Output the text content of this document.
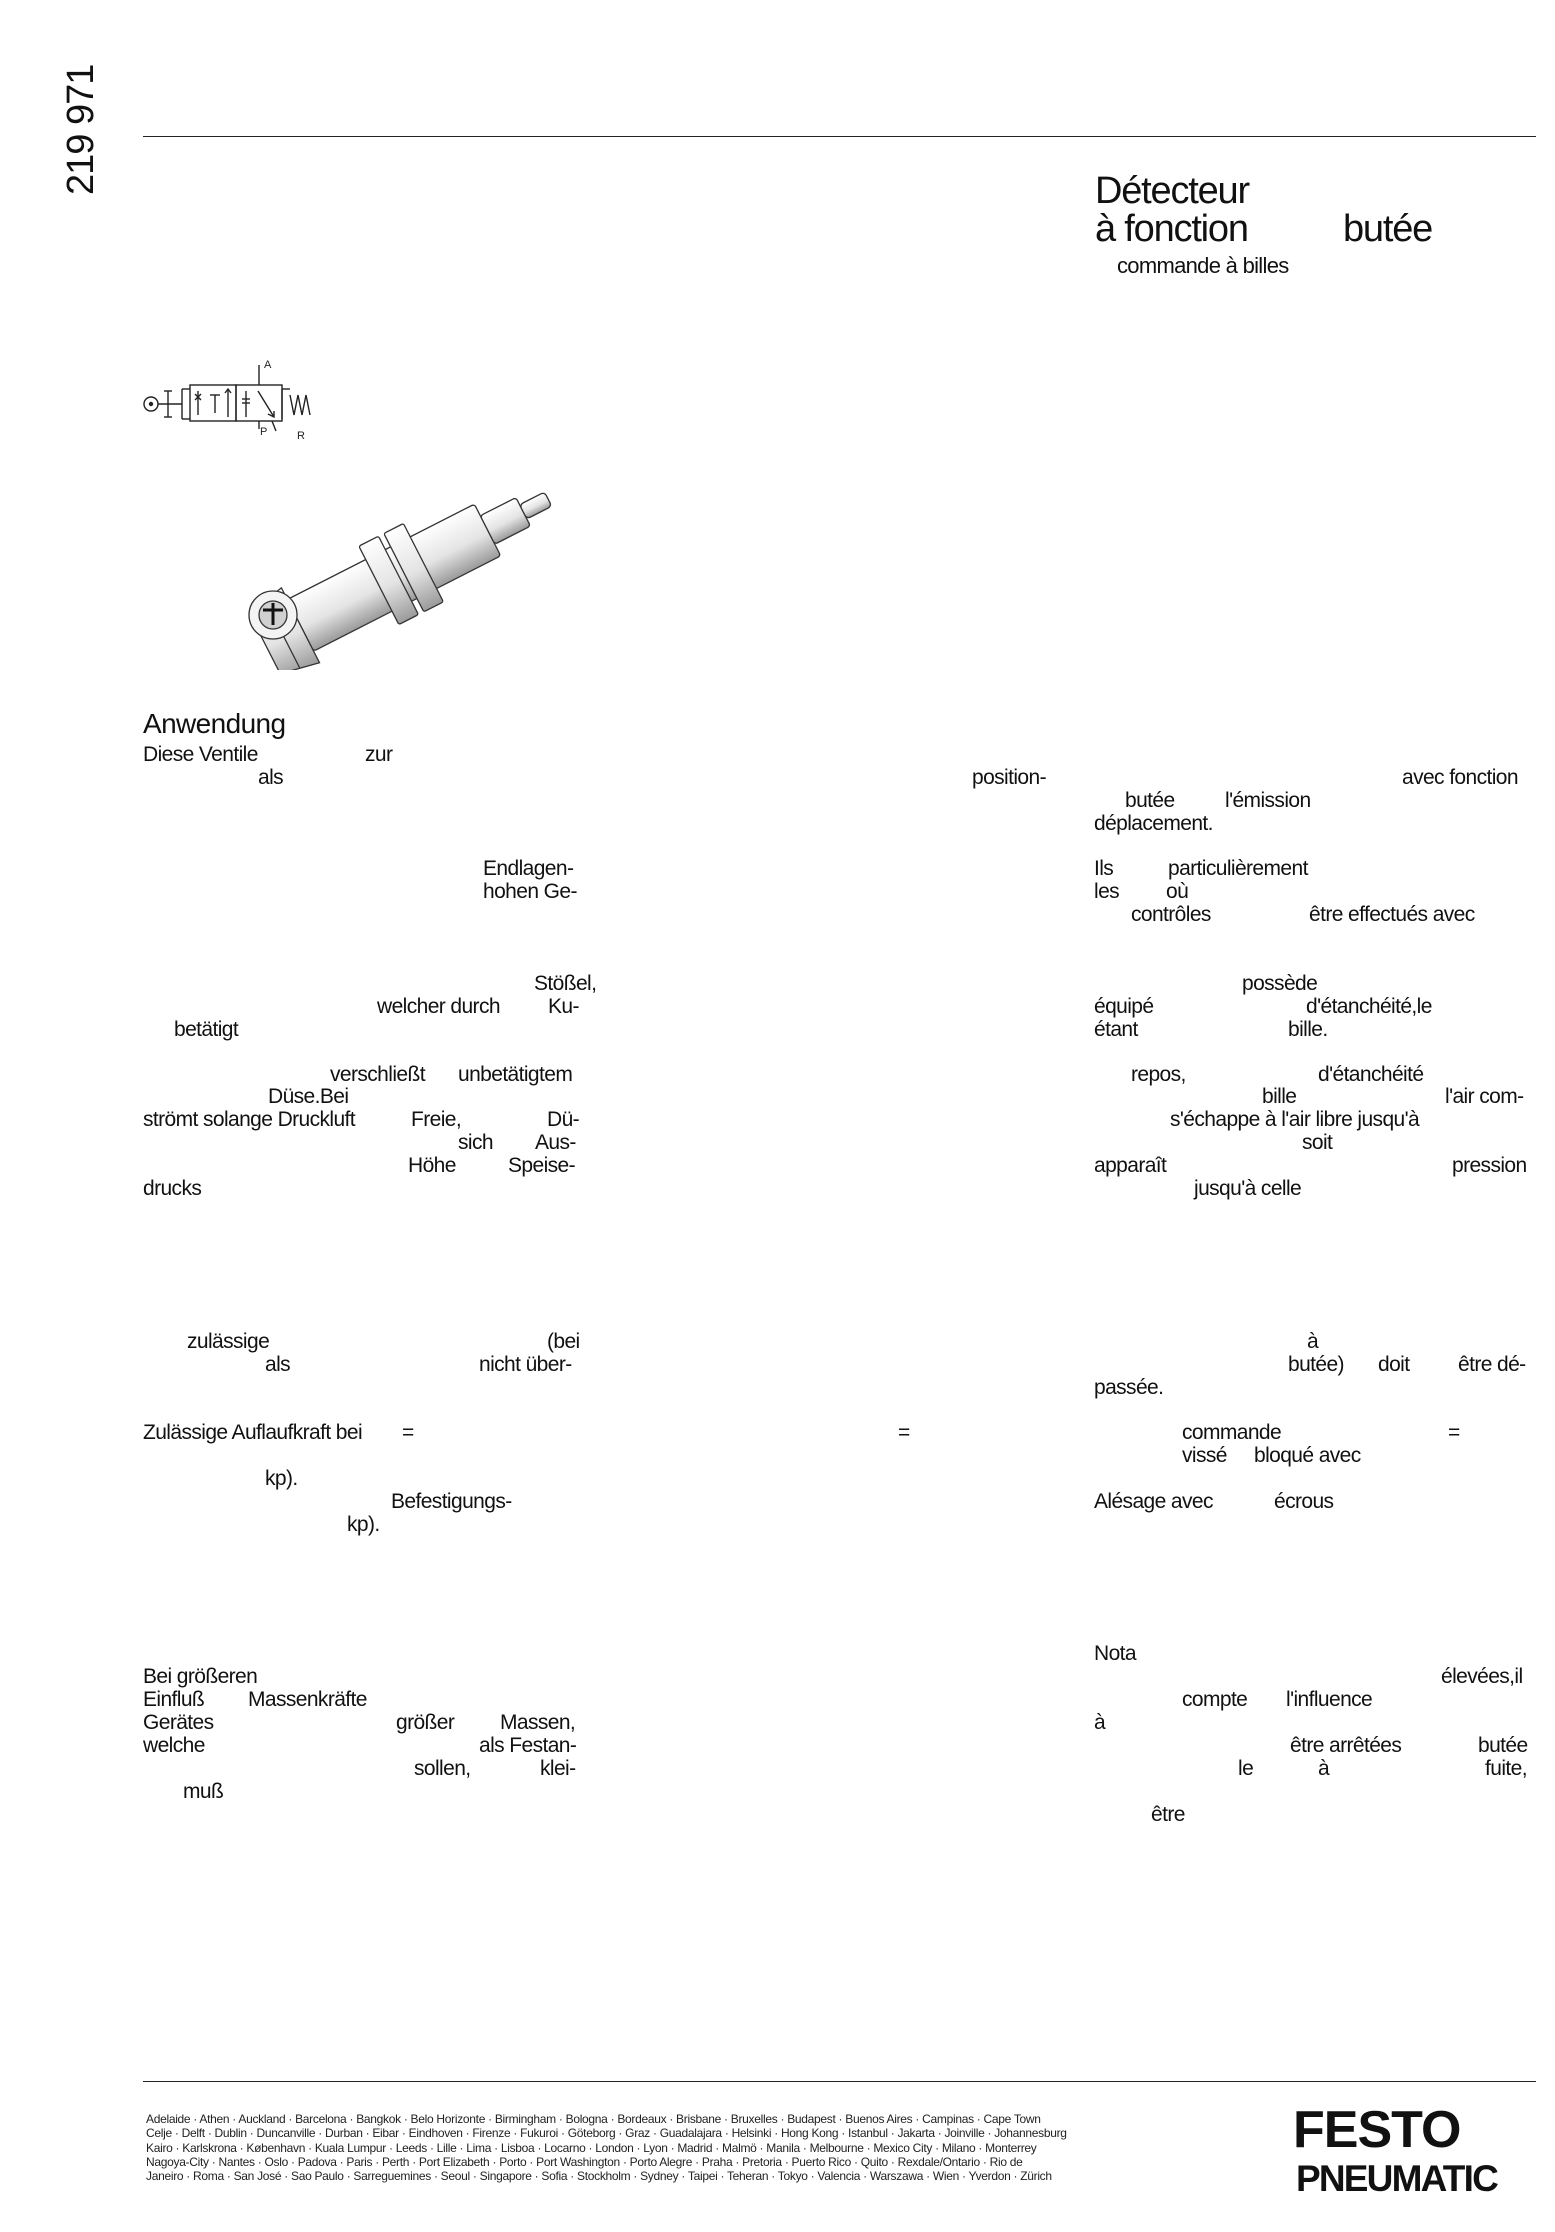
219 971	Détecteur
à fonction	butée
commande à billes
A
P	R
Anwendung
Diese Ventile	zur
als
Endlagen-
hohen Ge-
Stößel,
welcher durch Ku-
betätigt
verschließt unbetätigtem
Düse.Bei
strömt solange Druckluft	Freie,	Dü-
sich Aus-
Höhe Speise-
drucks
zulässige	(bei
als	nicht über-
Zulässige Auflaufkraft bei =
kp).
Befestigungs-
kp).
Bei größeren
Einfluß Massenkräfte
Gerätes	größer Massen,
welche	als Festan-
sollen,	klei-
muß
position-
=
avec fonction
butée l'émission
déplacement.
Ils	particulièrement
les où
contrôles	être effectués avec
possède
équipé	d'étanchéité,le
étant	bille.
repos,	d'étanchéité
bille	l'air com-
s'échappe à l'air libre jusqu'à
soit
apparaît	pression
jusqu'à celle
à
butée) doit être dé-
passée.
commande	=
vissé bloqué avec
Alésage avec	écrous
Nota
élevées,il
compte l'influence
à
être arrêtées	butée
le	à	fuite,
être
Adelaide · Athen · Auckland · Barcelona · Bangkok · Belo Horizonte · Birmingham · Bologna · Bordeaux · Brisbane · Bruxelles · Budapest · Buenos Aires · Campinas · Cape Town
Celje · Delft · Dublin · Duncanville · Durban · Eibar · Eindhoven · Firenze · Fukuroi · Göteborg · Graz · Guadalajara · Helsinki · Hong Kong · Istanbul · Jakarta · Joinville · Johannesburg
Kairo · Karlskrona · København · Kuala Lumpur · Leeds · Lille · Lima · Lisboa · Locarno · London · Lyon · Madrid · Malmö · Manila · Melbourne · Mexico City · Milano · Monterrey
Nagoya-City · Nantes · Oslo · Padova · Paris · Perth · Port Elizabeth · Porto · Port Washington · Porto Alegre · Praha · Pretoria · Puerto Rico · Quito · Rexdale/Ontario · Rio de
Janeiro · Roma · San José · Sao Paulo · Sarreguemines · Seoul · Singapore · Sofia · Stockholm · Sydney · Taipei · Teheran · Tokyo · Valencia · Warszawa · Wien · Yverdon · Zürich
FESTO
PNEUMATIC
